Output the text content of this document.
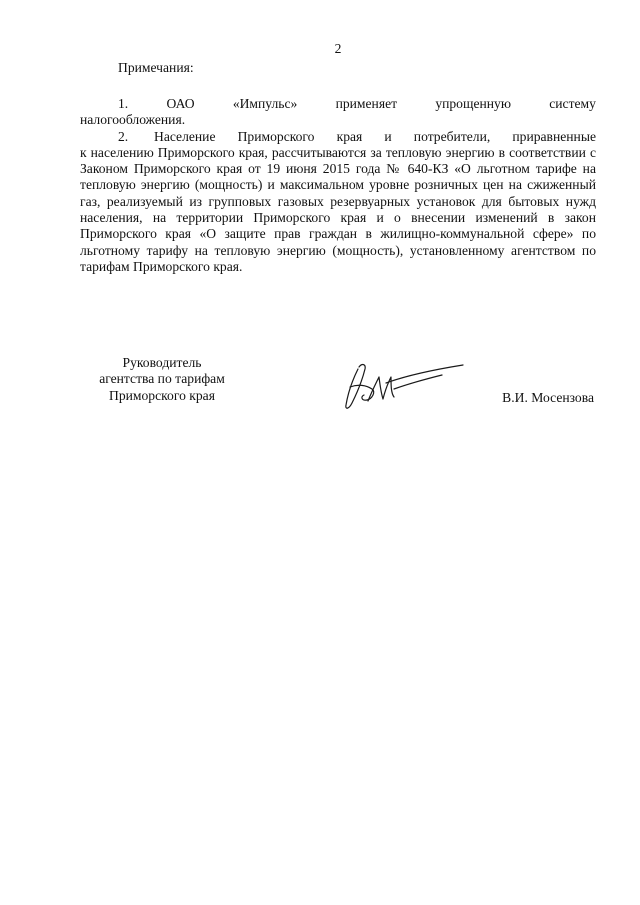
2
Примечания:
1.	ОАО	«Импульс»	применяет	упрощенную	систему
налогообложения.

2. Население Приморского края и потребители, приравненные
к населению Приморского края, рассчитываются за тепловую энергию в соответствии с Законом Приморского края от 19 июня 2015 года № 640-КЗ «О льготном тарифе на тепловую энергию (мощность) и максимальном уровне розничных цен на сжиженный газ, реализуемый из групповых газовых резервуарных установок для бытовых нужд населения, на территории Приморского края и о внесении изменений в закон Приморского края «О защите прав граждан в жилищно-коммунальной сфере» по льготному тарифу на тепловую энергию (мощность), установленному агентством по тарифам Приморского края.

Руководитель
агентства по тарифам
Приморского края	В.И. Мосензова
